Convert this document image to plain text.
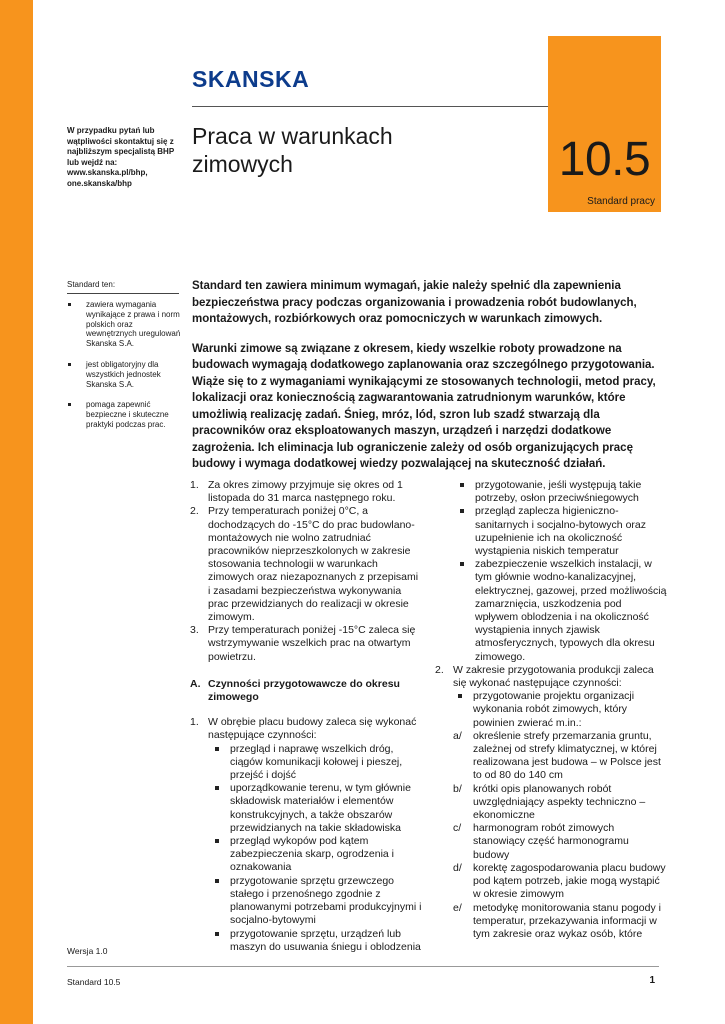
10.5
Standard pracy
SKANSKA
W przypadku pytań lub wątpliwości skontaktuj się z najbliższym specjalistą BHP lub wejdź na: www.skanska.pl/bhp, one.skanska/bhp
Praca w warunkach
zimowych
Standard ten:
zawiera wymagania wynikające z prawa i norm polskich oraz wewnętrznych uregulowań Skanska S.A.
jest obligatoryjny dla wszystkich jednostek Skanska S.A.
pomaga zapewnić bezpieczne i skuteczne praktyki podczas prac.

Standard ten zawiera minimum wymagań, jakie należy spełnić dla zapewnienia bezpieczeństwa pracy podczas organizowania i prowadzenia robót budowlanych, montażowych, rozbiórkowych oraz pomocniczych w warunkach zimowych.

Warunki zimowe są związane z okresem, kiedy wszelkie roboty prowadzone na budowach wymagają dodatkowego zaplanowania oraz szczególnego przygotowania. Wiąże się to z wymaganiami wynikającymi ze stosowanych technologii, metod pracy, lokalizacji oraz koniecznością zagwarantowania zatrudnionym warunków, które umożliwią realizację zadań. Śnieg, mróz, lód, szron lub szadź stwarzają dla pracowników oraz eksploatowanych maszyn, urządzeń i narzędzi dodatkowe zagrożenia. Ich eliminacja lub ograniczenie zależy od osób organizujących pracę budowy i wymaga dodatkowej wiedzy pozwalającej na skuteczność działań.

1. Za okres zimowy przyjmuje się okres od 1 listopada do 31 marca następnego roku.
2. Przy temperaturach poniżej 0°C, a dochodzących do -15°C do prac budowlano-montażowych nie wolno zatrudniać pracowników nieprzeszkolonych w zakresie stosowania technologii w warunkach zimowych oraz niezapoznanych z przepisami i zasadami bezpieczeństwa wykonywania prac przewidzianych do realizacji w okresie zimowym.
3. Przy temperaturach poniżej -15°C zaleca się wstrzymywanie wszelkich prac na otwartym powietrzu.
A. Czynności przygotowawcze do okresu zimowego
1. W obrębie placu budowy zaleca się wykonać następujące czynności:
przegląd i naprawę wszelkich dróg, ciągów komunikacji kołowej i pieszej, przejść i dojść
uporządkowanie terenu, w tym głównie składowisk materiałów i elementów konstrukcyjnych, a także obszarów przewidzianych na takie składowiska
przegląd wykopów pod kątem zabezpieczenia skarp, ogrodzenia i oznakowania
przygotowanie sprzętu grzewczego stałego i przenośnego zgodnie z planowanymi potrzebami produkcyjnymi i socjalno-bytowymi
przygotowanie sprzętu, urządzeń lub maszyn do usuwania śniegu i oblodzenia
przygotowanie, jeśli występują takie potrzeby, osłon przeciwśniegowych
przegląd zaplecza higieniczno-sanitarnych i socjalno-bytowych oraz uzupełnienie ich na okoliczność wystąpienia niskich temperatur
zabezpieczenie wszelkich instalacji, w tym głównie wodno-kanalizacyjnej, elektrycznej, gazowej, przed możliwością zamarznięcia, uszkodzenia pod wpływem oblodzenia i na okoliczność wystąpienia innych zjawisk atmosferycznych, typowych dla okresu zimowego.
2. W zakresie przygotowania produkcji zaleca się wykonać następujące czynności:
przygotowanie projektu organizacji wykonania robót zimowych, który powinien zwierać m.in.:
a/ określenie strefy przemarzania gruntu, zależnej od strefy klimatycznej, w której realizowana jest budowa – w Polsce jest to od 80 do 140 cm
b/ krótki opis planowanych robót uwzględniający aspekty techniczno – ekonomiczne
c/ harmonogram robót zimowych stanowiący część harmonogramu budowy
d/ korektę zagospodarowania placu budowy pod kątem potrzeb, jakie mogą wystąpić w okresie zimowym
e/ metodykę monitorowania stanu pogody i temperatur, przekazywania informacji w tym zakresie oraz wykaz osób, które
Wersja 1.0
Standard 10.5	1
